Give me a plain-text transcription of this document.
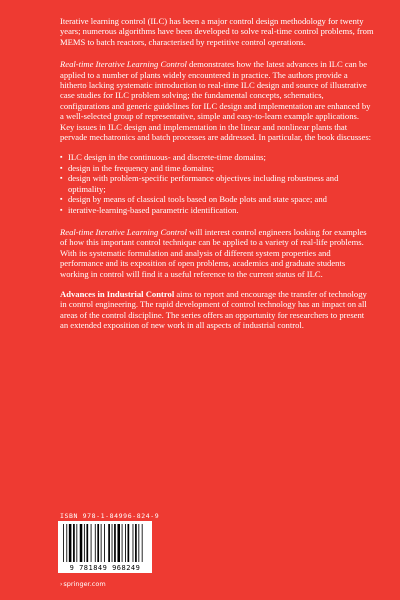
Iterative learning control (ILC) has been a major control design methodology for twenty years; numerous algorithms have been developed to solve real-time control problems, from MEMS to batch reactors, characterised by repetitive control operations.

Real-time Iterative Learning Control demonstrates how the latest advances in ILC can be applied to a number of plants widely encountered in practice. The authors provide a hitherto lacking systematic introduction to real-time ILC design and source of illustrative case studies for ILC problem solving; the fundamental concepts, schematics, configurations and generic guidelines for ILC design and implementation are enhanced by a well-selected group of representative, simple and easy-to-learn example applications. Key issues in ILC design and implementation in the linear and nonlinear plants that pervade mechatronics and batch processes are addressed. In particular, the book discusses:

▪ ILC design in the continuous- and discrete-time domains;
▪ design in the frequency and time domains;
▪ design with problem-specific performance objectives including robustness and optimality;
▪ design by means of classical tools based on Bode plots and state space; and
▪ iterative-learning-based parametric identification.

Real-time Iterative Learning Control will interest control engineers looking for examples of how this important control technique can be applied to a variety of real-life problems. With its systematic formulation and analysis of different system properties and performance and its exposition of open problems, academics and graduate students working in control will find it a useful reference to the current status of ILC.

Advances in Industrial Control aims to report and encourage the transfer of technology in control engineering. The rapid development of control technology has an impact on all areas of the control discipline. The series offers an opportunity for researchers to present an extended exposition of new work in all aspects of industrial control.

ISBN 978-1-84996-824-9
9 781849 968249
›springer.com
